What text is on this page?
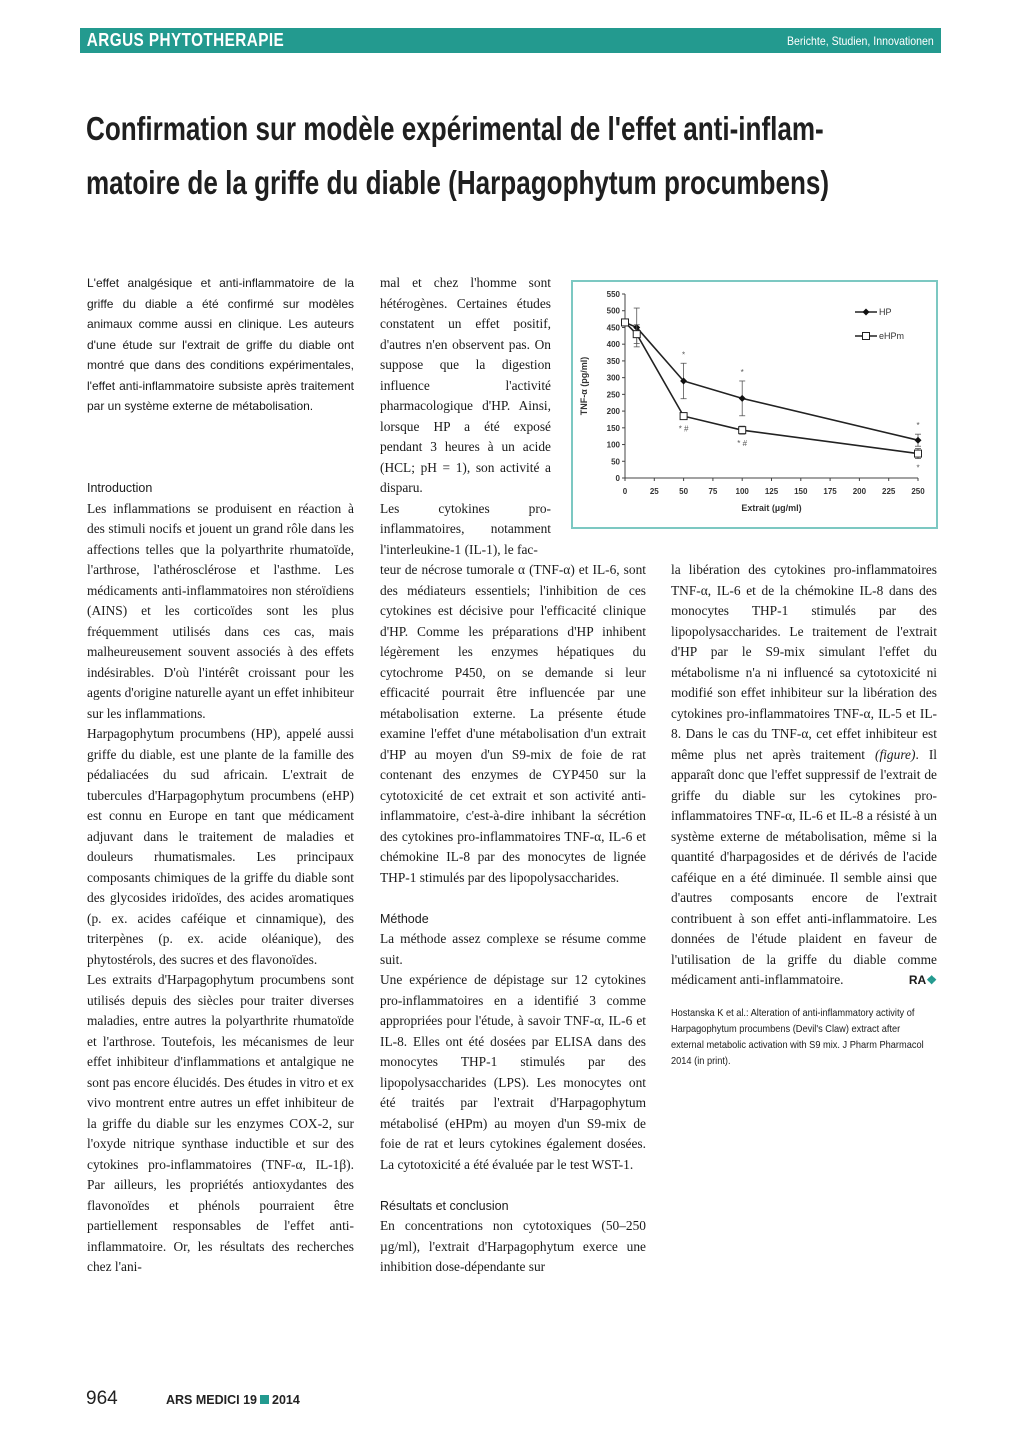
ARGUS PHYTOTHERAPIE	Berichte, Studien, Innovationen
Confirmation sur modèle expérimental de l'effet anti-inflam-
matoire de la griffe du diable (Harpagophytum procumbens)

L'effet analgésique et anti-inflammatoire de la griffe du diable a été confirmé sur modèles animaux comme aussi en clinique. Les auteurs d'une étude sur l'extrait de griffe du diable ont montré que dans des conditions expérimentales, l'effet anti-inflammatoire subsiste après traitement par un système externe de métabolisation.

Introduction

Les inflammations se produisent en réaction à des stimuli nocifs et jouent un grand rôle dans les affections telles que la polyarthrite rhumatoïde, l'arthrose, l'athérosclérose et l'asthme. Les médicaments anti-inflammatoires non stéroïdiens (AINS) et les corticoïdes sont les plus fréquemment utilisés dans ces cas, mais malheureusement souvent associés à des effets indésirables. D'où l'intérêt croissant pour les agents d'origine naturelle ayant un effet inhibiteur sur les inflammations.

Harpagophytum procumbens (HP), appelé aussi griffe du diable, est une plante de la famille des pédaliacées du sud africain. L'extrait de tubercules d'Harpagophytum procumbens (eHP) est connu en Europe en tant que médicament adjuvant dans le traitement de maladies et douleurs rhumatismales. Les principaux composants chimiques de la griffe du diable sont des glycosides iridoïdes, des acides aromatiques (p. ex. acides caféique et cinnamique), des triterpènes (p. ex. acide oléanique), des phytostérols, des sucres et des flavonoïdes.

Les extraits d'Harpagophytum procumbens sont utilisés depuis des siècles pour traiter diverses maladies, entre autres la polyarthrite rhumatoïde et l'arthrose. Toutefois, les mécanismes de leur effet inhibiteur d'inflammations et antalgique ne sont pas encore élucidés. Des études in vitro et ex vivo montrent entre autres un effet inhibiteur de la griffe du diable sur les enzymes COX-2, sur l'oxyde nitrique synthase inductible et sur des cytokines pro-inflammatoires (TNF-α, IL-1β). Par ailleurs, les propriétés antioxydantes des flavonoïdes et phénols pourraient être partiellement responsables de l'effet anti-inflammatoire. Or, les résultats des recherches chez l'ani-

mal et chez l'homme sont hétérogènes. Certaines études constatent un effet positif, d'autres n'en observent pas. On suppose que la digestion influence l'activité pharmacologique d'HP. Ainsi, lorsque HP a été exposé pendant 3 heures à un acide (HCL; pH = 1), son activité a disparu.

Les cytokines pro-inflammatoires, notamment l'interleukine-1 (IL-1), le fac-

0
50
100
150
200
250
300
350
400
450
500
550
0	25	50	75 100 125 150 175 200 225 250
Extrait (µg/ml)
TNF-α (pg/ml)
*
* #
*
* #
*
*
HP
eHPm

teur de nécrose tumorale α (TNF-α) et IL-6, sont des médiateurs essentiels; l'inhibition de ces cytokines est décisive pour l'efficacité clinique d'HP. Comme les préparations d'HP inhibent légèrement les enzymes hépatiques du cytochrome P450, on se demande si leur efficacité pourrait être influencée par une métabolisation externe. La présente étude examine l'effet d'une métabolisation d'un extrait d'HP au moyen d'un S9-mix de foie de rat contenant des enzymes de CYP450 sur la cytotoxicité de cet extrait et son activité anti-inflammatoire, c'est-à-dire inhibant la sécrétion des cytokines pro-inflammatoires TNF-α, IL-6 et chémokine IL-8 par des monocytes de lignée THP-1 stimulés par des lipopolysaccharides.

Méthode

La méthode assez complexe se résume comme suit.

Une expérience de dépistage sur 12 cytokines pro-inflammatoires en a identifié 3 comme appropriées pour l'étude, à savoir TNF-α, IL-6 et IL-8. Elles ont été dosées par ELISA dans des monocytes THP-1 stimulés par des lipopolysaccharides (LPS). Les monocytes ont été traités par l'extrait d'Harpagophytum métabolisé (eHPm) au moyen d'un S9-mix de foie de rat et leurs cytokines également dosées. La cytotoxicité a été évaluée par le test WST-1.

Résultats et conclusion

En concentrations non cytotoxiques (50–250 µg/ml), l'extrait d'Harpagophytum exerce une inhibition dose-dépendante sur

la libération des cytokines pro-inflammatoires TNF-α, IL-6 et de la chémokine IL-8 dans des monocytes THP-1 stimulés par des lipopolysaccharides. Le traitement de l'extrait d'HP par le S9-mix simulant l'effet du métabolisme n'a ni influencé sa cytotoxicité ni modifié son effet inhibiteur sur la libération des cytokines pro-inflammatoires TNF-α, IL-5 et IL-8. Dans le cas du TNF-α, cet effet inhibiteur est même plus net après traitement (figure). Il apparaît donc que l'effet suppressif de l'extrait de griffe du diable sur les cytokines pro-inflammatoires TNF-α, IL-6 et IL-8 a résisté à un système externe de métabolisation, même si la quantité d'harpagosides et de dérivés de l'acide caféique en a été diminuée. Il semble ainsi que d'autres composants encore de l'extrait contribuent à son effet anti-inflammatoire. Les données de l'étude plaident en faveur de l'utilisation de la griffe du diable comme médicament anti-inflammatoire.	RA❖

Hostanska K et al.: Alteration of anti-inflammatory activity of Harpagophytum procumbens (Devil's Claw) extract after external metabolic activation with S9 mix. J Pharm Pharmacol 2014 (in print).
964	ARS MEDICI 19 2014
